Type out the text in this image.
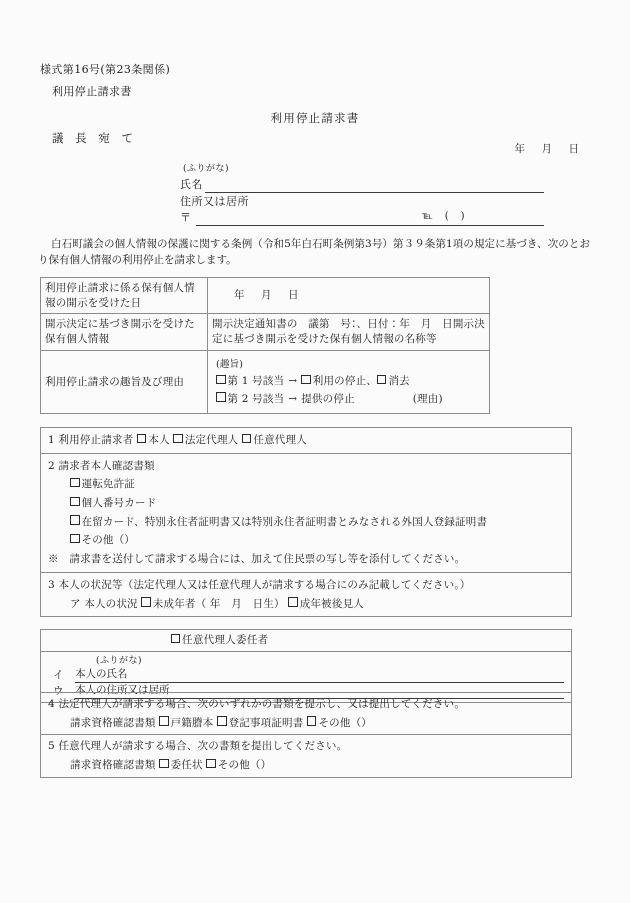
様式第16号(第23条関係)
利用停止請求書
利用停止請求書
議 長 宛 て
年　月　日
(ふりがな)
氏名
住所又は居所
〒	℡　(　)
白石町議会の個人情報の保護に関する条例（令和5年白石町条例第3号）第３９条第1項の規定に基づき、次のとおり保有個人情報の利用停止を請求します。
利用停止請求に係る保有個人情報の開示を受けた日	年　月　日
開示決定に基づき開示を受けた保有個人情報	開示決定通知書の　議第　号：、日付：年　月　日開示決定に基づき開示を受けた保有個人情報の名称等
利用停止請求の趣旨及び理由	(趣旨)
第 1 号該当 → 利用の停止、 消去
第 2 号該当 → 提供の停止 (理由)
1 利用停止請求者 本人 法定代理人 任意代理人

2 請求者本人確認書類
運転免許証
個人番号カード
在留カード、特別永住者証明書又は特別永住者証明書とみなされる外国人登録証明書
その他（）
※　請求書を送付して請求する場合には、加えて住民票の写し等を添付してください。

3 本人の状況等（法定代理人又は任意代理人が請求する場合にのみ記載してください。）
ア 本人の状況 未成年者（ 年　月　日生） 成年被後見人
任意代理人委任者

(ふりがな)
イ	本人の氏名
ウ	本人の住所又は居所
4 法定代理人が請求する場合、次のいずれかの書類を提示し、又は提出してください。
請求資格確認書類 戸籍謄本 登記事項証明書 その他（）

5 任意代理人が請求する場合、次の書類を提出してください。
請求資格確認書類 委任状 その他（）
